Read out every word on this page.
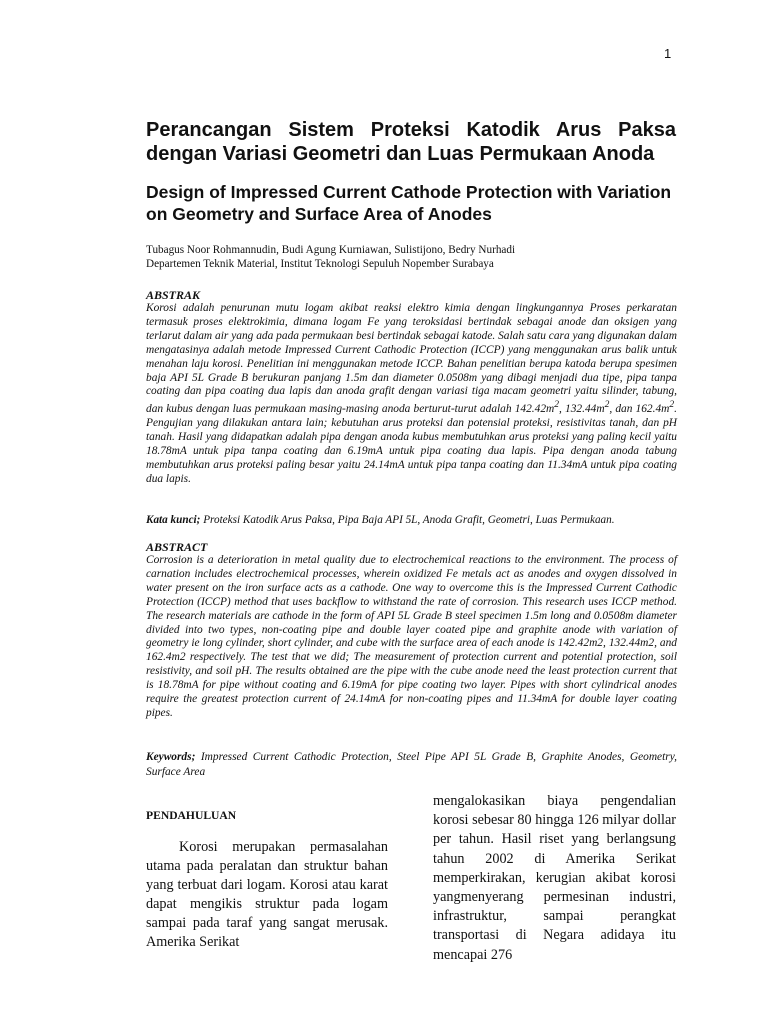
1
Perancangan Sistem Proteksi Katodik Arus Paksa dengan Variasi Geometri dan Luas Permukaan Anoda
Design of Impressed Current Cathode Protection with Variation on Geometry and Surface Area of Anodes
Tubagus Noor Rohmannudin, Budi Agung Kurniawan, Sulistijono, Bedry Nurhadi
Departemen Teknik Material, Institut Teknologi Sepuluh Nopember Surabaya
ABSTRAK

Korosi adalah penurunan mutu logam akibat reaksi elektro kimia dengan lingkungannya Proses perkaratan termasuk proses elektrokimia, dimana logam Fe yang teroksidasi bertindak sebagai anode dan oksigen yang terlarut dalam air yang ada pada permukaan besi bertindak sebagai katode. Salah satu cara yang digunakan dalam mengatasinya adalah metode Impressed Current Cathodic Protection (ICCP) yang menggunakan arus balik untuk menahan laju korosi. Penelitian ini menggunakan metode ICCP. Bahan penelitian berupa katoda berupa spesimen baja API 5L Grade B berukuran panjang 1.5m dan diameter 0.0508m yang dibagi menjadi dua tipe, pipa tanpa coating dan pipa coating dua lapis dan anoda grafit dengan variasi tiga macam geometri yaitu silinder, tabung, dan kubus dengan luas permukaan masing-masing anoda berturut-turut adalah $142.42m^2$, $132.44m^2$, dan $162.4m^2$. Pengujian yang dilakukan antara lain; kebutuhan arus proteksi dan potensial proteksi, resistivitas tanah, dan pH tanah. Hasil yang didapatkan adalah pipa dengan anoda kubus membutuhkan arus proteksi yang paling kecil yaitu 18.78mA untuk pipa tanpa coating dan 6.19mA untuk pipa coating dua lapis. Pipa dengan anoda tabung membutuhkan arus proteksi paling besar yaitu 24.14mA untuk pipa tanpa coating dan 11.34mA untuk pipa coating dua lapis.

Kata kunci; Proteksi Katodik Arus Paksa, Pipa Baja API 5L, Anoda Grafit, Geometri, Luas Permukaan.
ABSTRACT

Corrosion is a deterioration in metal quality due to electrochemical reactions to the environment. The process of carnation includes electrochemical processes, wherein oxidized Fe metals act as anodes and oxygen dissolved in water present on the iron surface acts as a cathode. One way to overcome this is the Impressed Current Cathodic Protection (ICCP) method that uses backflow to withstand the rate of corrosion. This research uses ICCP method. The research materials are cathode in the form of API 5L Grade B steel specimen 1.5m long and 0.0508m diameter divided into two types, non-coating pipe and double layer coated pipe and graphite anode with variation of geometry ie long cylinder, short cylinder, and cube with the surface area of each anode is 142.42m2, 132.44m2, and 162.4m2 respectively. The test that we did; The measurement of protection current and potential protection, soil resistivity, and soil pH. The results obtained are the pipe with the cube anode need the least protection current that is 18.78mA for pipe without coating and 6.19mA for pipe coating two layer. Pipes with short cylindrical anodes require the greatest protection current of 24.14mA for non-coating pipes and 11.34mA for double layer coating pipes.

Keywords; Impressed Current Cathodic Protection, Steel Pipe API 5L Grade B, Graphite Anodes, Geometry, Surface Area

PENDAHULUAN

Korosi merupakan permasalahan utama pada peralatan dan struktur bahan yang terbuat dari logam. Korosi atau karat dapat mengikis struktur pada logam sampai pada taraf yang sangat merusak. Amerika Serikat

mengalokasikan biaya pengendalian korosi sebesar 80 hingga 126 milyar dollar per tahun. Hasil riset yang berlangsung tahun 2002 di Amerika Serikat memperkirakan, kerugian akibat korosi yangmenyerang permesinan industri, infrastruktur, sampai perangkat transportasi di Negara adidaya itu mencapai 276
